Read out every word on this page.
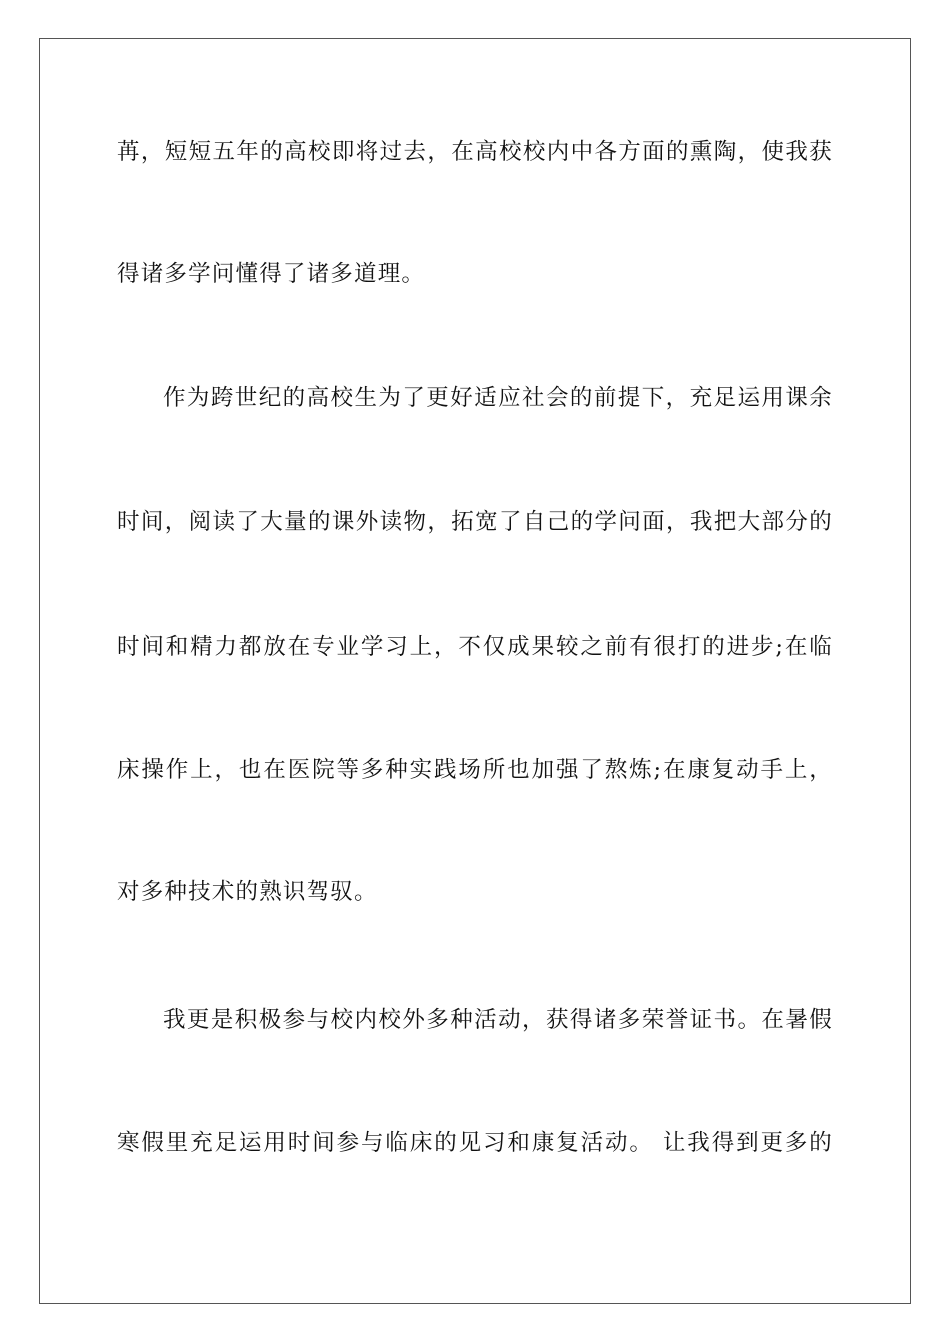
苒，短短五年的高校即将过去，在高校校内中各方面的熏陶，使我获
得诸多学问懂得了诸多道理。
作为跨世纪的高校生为了更好适应社会的前提下，充足运用课余
时间，阅读了大量的课外读物，拓宽了自己的学问面，我把大部分的
时间和精力都放在专业学习上，不仅成果较之前有很打的进步;在临
床操作上，也在医院等多种实践场所也加强了熬炼;在康复动手上，
对多种技术的熟识驾驭。
我更是积极参与校内校外多种活动，获得诸多荣誉证书。在暑假
寒假里充足运用时间参与临床的见习和康复活动。 让我得到更多的
